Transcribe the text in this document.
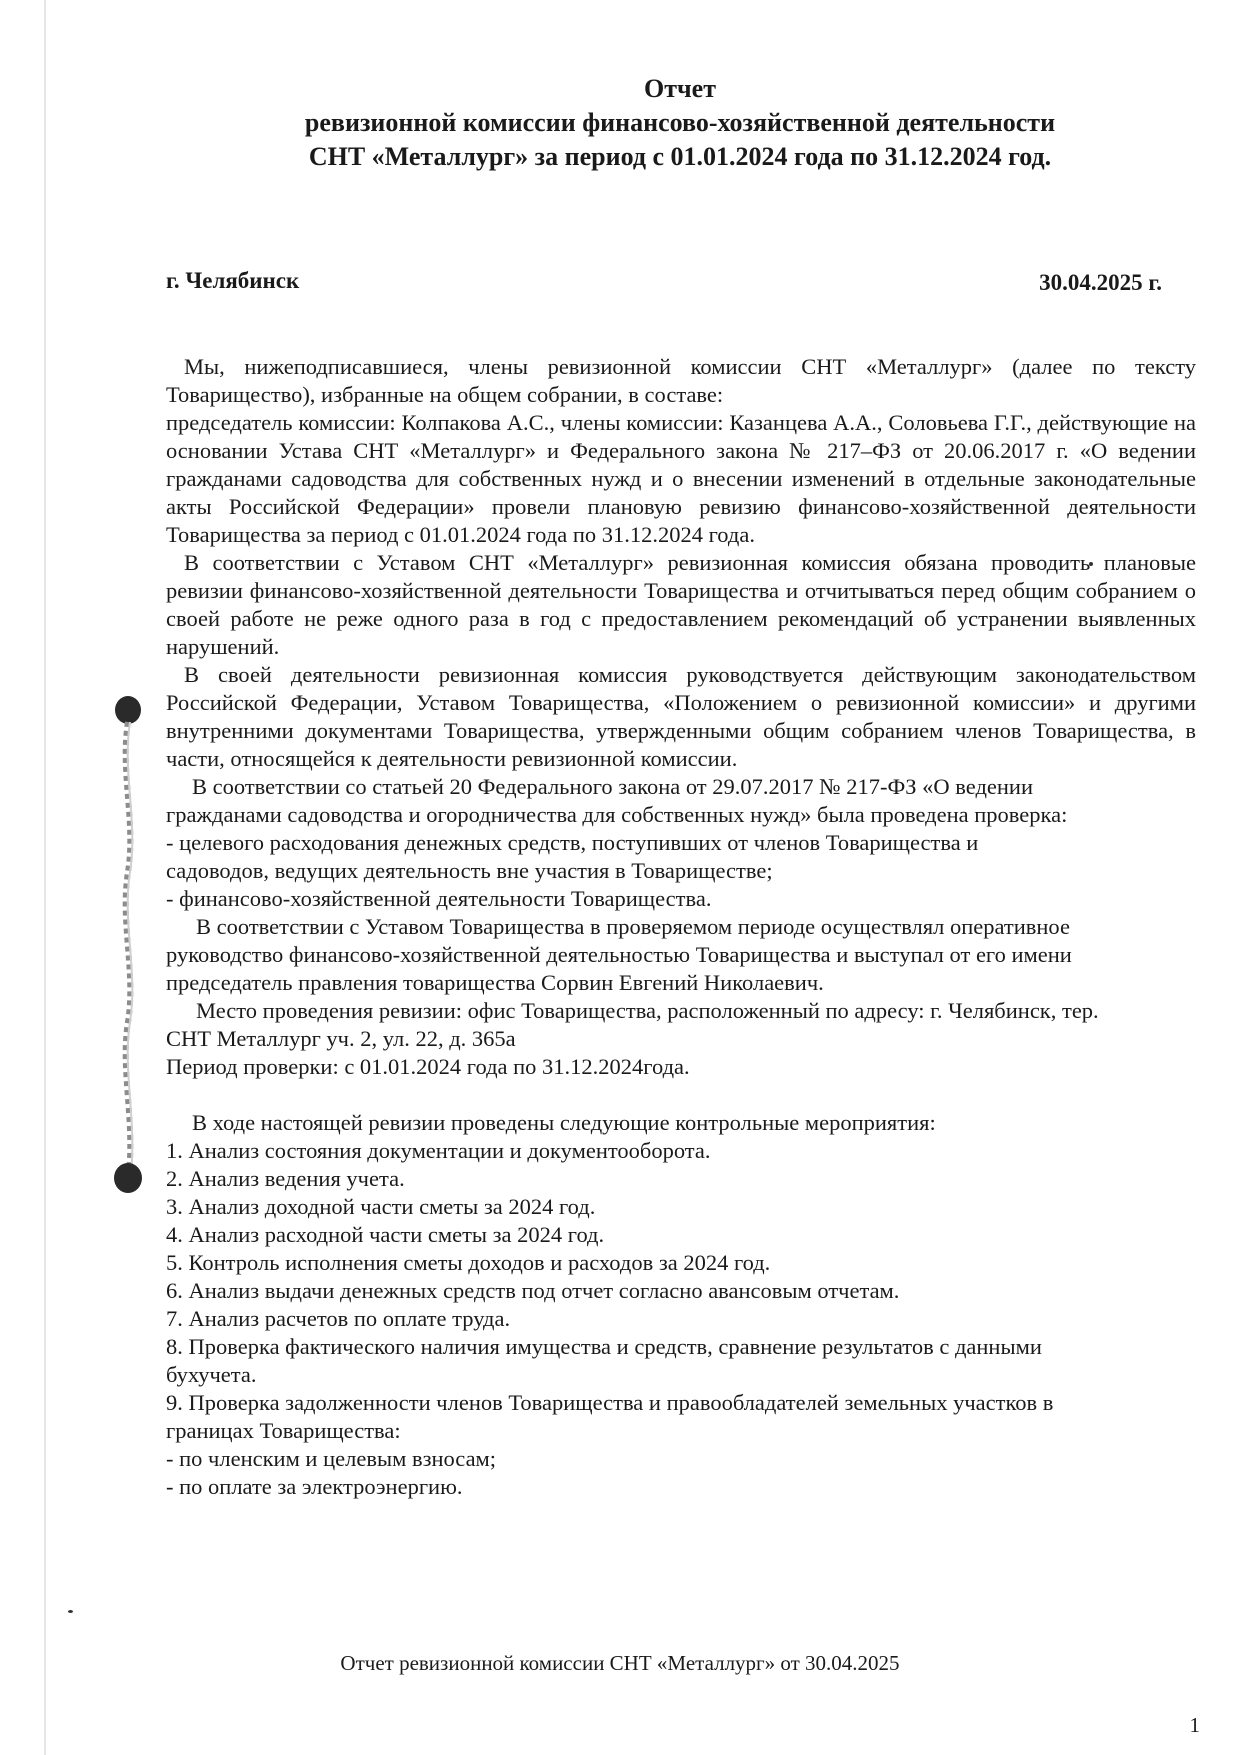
Отчет
ревизионной комиссии финансово-хозяйственной деятельности
СНТ «Металлург» за период с 01.01.2024 года по 31.12.2024 год.
г. Челябинск	30.04.2025 г.

Мы, нижеподписавшиеся, члены ревизионной комиссии СНТ «Металлург» (далее по тексту Товарищество), избранные на общем собрании, в составе:

председатель комиссии: Колпакова А.С., члены комиссии: Казанцева А.А., Соловьева Г.Г., действующие на основании Устава СНТ «Металлург» и Федерального закона № 217–ФЗ от 20.06.2017 г. «О ведении гражданами садоводства для собственных нужд и о внесении изменений в отдельные законодательные акты Российской Федерации» провели плановую ревизию финансово-хозяйственной деятельности Товарищества за период с 01.01.2024 года по 31.12.2024 года.

В соответствии с Уставом СНТ «Металлург» ревизионная комиссия обязана проводить плановые ревизии финансово-хозяйственной деятельности Товарищества и отчитываться перед общим собранием о своей работе не реже одного раза в год с предоставлением рекомендаций об устранении выявленных нарушений.

В своей деятельности ревизионная комиссия руководствуется действующим законодательством Российской Федерации, Уставом Товарищества, «Положением о ревизионной комиссии» и другими внутренними документами Товарищества, утвержденными общим собранием членов Товарищества, в части, относящейся к деятельности ревизионной комиссии.

В соответствии со статьей 20 Федерального закона от 29.07.2017 № 217-ФЗ «О ведении

гражданами садоводства и огородничества для собственных нужд» была проведена проверка:

- целевого расходования денежных средств, поступивших от членов Товарищества и

садоводов, ведущих деятельность вне участия в Товариществе;

- финансово-хозяйственной деятельности Товарищества.

В соответствии с Уставом Товарищества в проверяемом периоде осуществлял оперативное

руководство финансово-хозяйственной деятельностью Товарищества и выступал от его имени

председатель правления товарищества Сорвин Евгений Николаевич.

Место проведения ревизии: офис Товарищества, расположенный по адресу: г. Челябинск, тер.

СНТ Металлург уч. 2, ул. 22, д. 365а

Период проверки: с 01.01.2024 года по 31.12.2024года.

В ходе настоящей ревизии проведены следующие контрольные мероприятия:

1. Анализ состояния документации и документооборота.

2. Анализ ведения учета.

3. Анализ доходной части сметы за 2024 год.

4. Анализ расходной части сметы за 2024 год.

5. Контроль исполнения сметы доходов и расходов за 2024 год.

6. Анализ выдачи денежных средств под отчет согласно авансовым отчетам.

7. Анализ расчетов по оплате труда.

8. Проверка фактического наличия имущества и средств, сравнение результатов с данными бухучета.

9. Проверка задолженности членов Товарищества и правообладателей земельных участков в границах Товарищества:

- по членским и целевым взносам;

- по оплате за электроэнергию.

Отчет ревизионной комиссии СНТ «Металлург» от 30.04.2025
1
